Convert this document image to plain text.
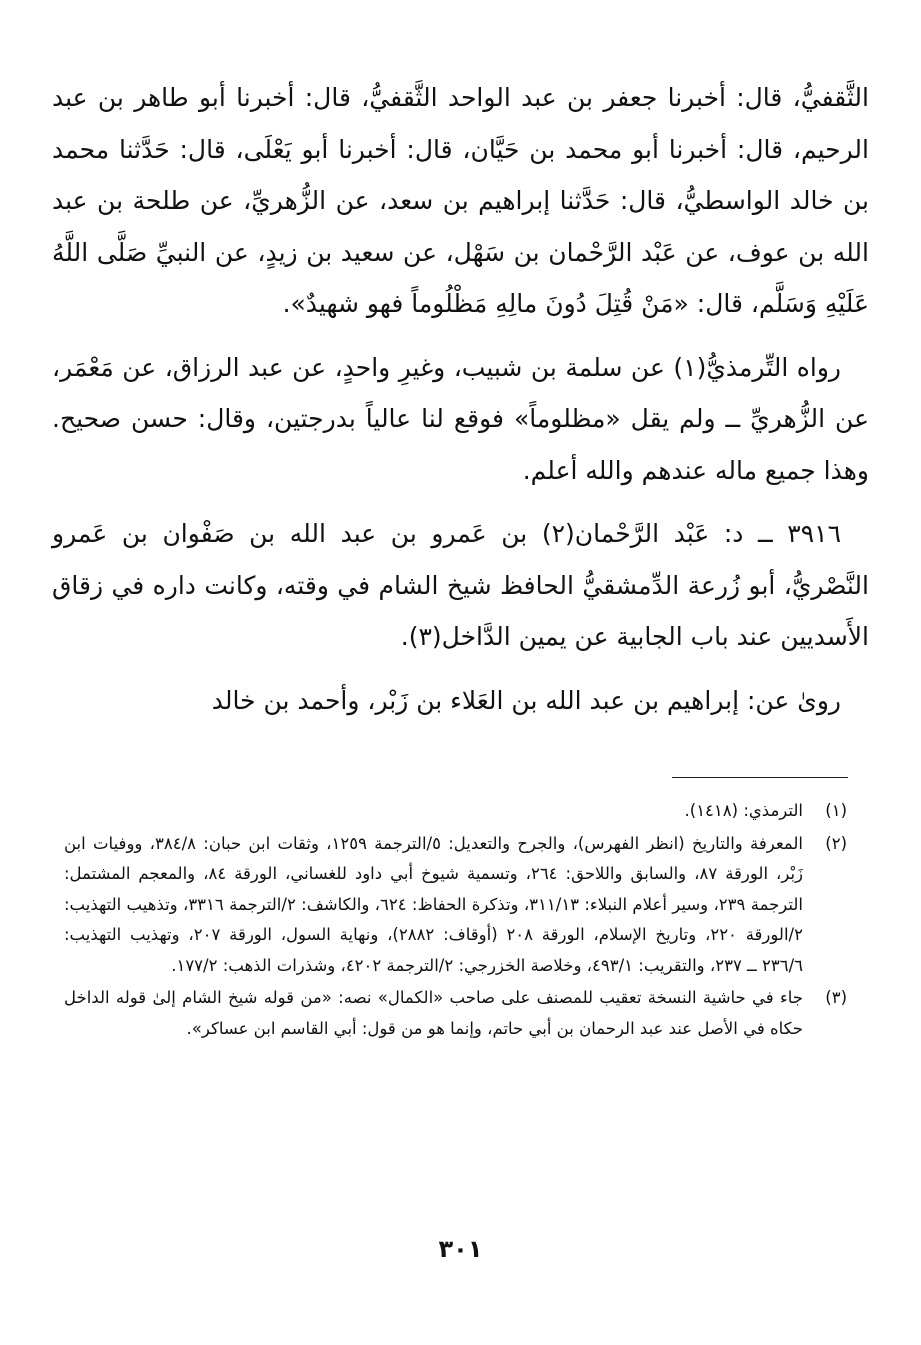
الثَّقفيُّ، قال: أخبرنا جعفر بن عبد الواحد الثَّقفيُّ، قال: أخبرنا أبو طاهر بن عبد الرحيم، قال: أخبرنا أبو محمد بن حَيَّان، قال: أخبرنا أبو يَعْلَى، قال: حَدَّثنا محمد بن خالد الواسطيُّ، قال: حَدَّثنا إبراهيم بن سعد، عن الزُّهريِّ، عن طلحة بن عبد الله بن عوف، عن عَبْد الرَّحْمان بن سَهْل، عن سعيد بن زيدٍ، عن النبيِّ صَلَّى اللَّهُ عَلَيْهِ وَسَلَّم، قال: «مَنْ قُتِلَ دُونَ مالِهِ مَظْلُوماً فهو شهيدٌ».

رواه التِّرمذيُّ(١) عن سلمة بن شبيب، وغيرِ واحدٍ، عن عبد الرزاق، عن مَعْمَر، عن الزُّهريِّ ــ ولم يقل «مظلوماً» فوقع لنا عالياً بدرجتين، وقال: حسن صحيح. وهذا جميع ماله عندهم والله أعلم.

٣٩١٦ ــ د: عَبْد الرَّحْمان(٢) بن عَمرو بن عبد الله بن صَفْوان بن عَمرو النَّصْريُّ، أبو زُرعة الدِّمشقيُّ الحافظ شيخ الشام في وقته، وكانت داره في زقاق الأَسديين عند باب الجابية عن يمين الدَّاخل(٣).

روىٰ عن: إبراهيم بن عبد الله بن العَلاء بن زَبْر، وأحمد بن خالد

(١)
الترمذي: (١٤١٨).
(٢)
المعرفة والتاريخ (انظر الفهرس)، والجرح والتعديل: ٥/الترجمة ١٢٥٩، وثقات ابن حبان: ٣٨٤/٨، ووفيات ابن زَبْر، الورقة ٨٧، والسابق واللاحق: ٢٦٤، وتسمية شيوخ أبي داود للغساني، الورقة ٨٤، والمعجم المشتمل: الترجمة ٢٣٩، وسير أعلام النبلاء: ٣١١/١٣، وتذكرة الحفاظ: ٦٢٤، والكاشف: ٢/الترجمة ٣٣١٦، وتذهيب التهذيب: ٢/الورقة ٢٢٠، وتاريخ الإسلام، الورقة ٢٠٨ (أوقاف: ٢٨٨٢)، ونهاية السول، الورقة ٢٠٧، وتهذيب التهذيب: ٢٣٦/٦ ــ ٢٣٧، والتقريب: ٤٩٣/١، وخلاصة الخزرجي: ٢/الترجمة ٤٢٠٢، وشذرات الذهب: ١٧٧/٢.
(٣)
جاء في حاشية النسخة تعقيب للمصنف على صاحب «الكمال» نصه: «من قوله شيخ الشام إلىٰ قوله الداخل حكاه في الأصل عند عبد الرحمان بن أبي حاتم، وإنما هو من قول: أبي القاسم ابن عساكر».
٣٠١
